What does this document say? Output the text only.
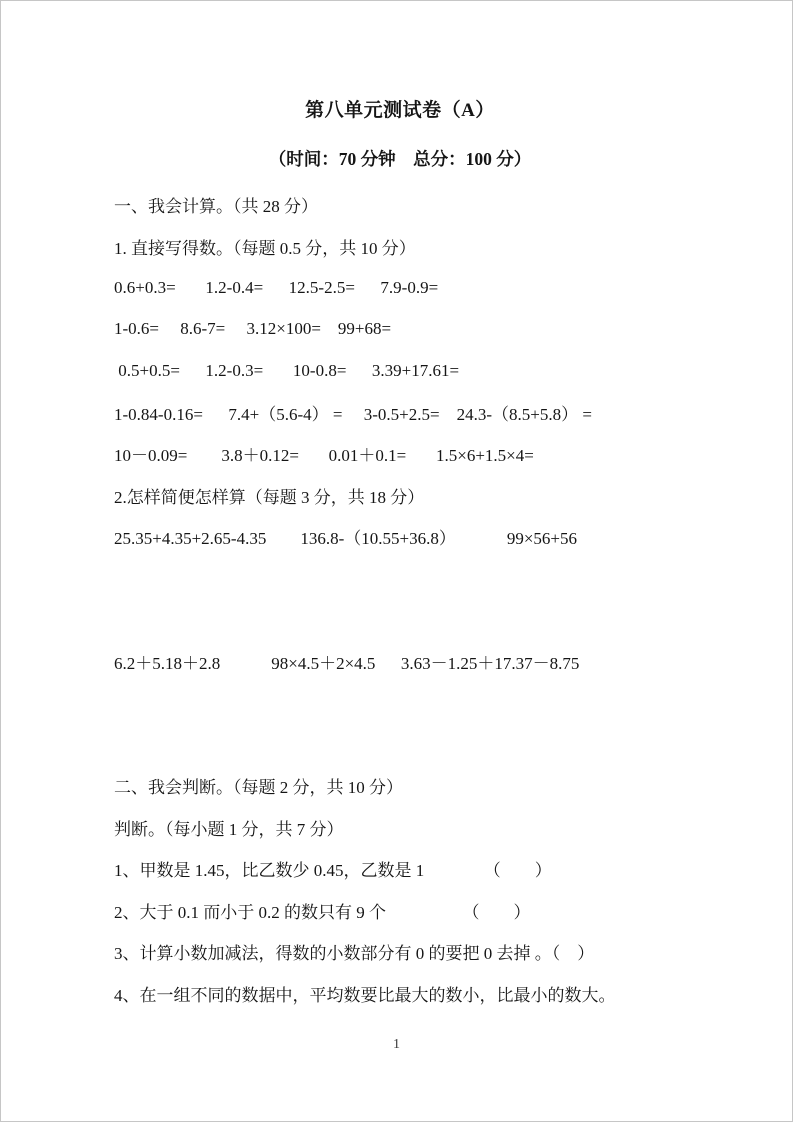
第八单元测试卷（A）
（时间：70 分钟　总分：100 分）
一、我会计算。（共 28 分）
1. 直接写得数。（每题 0.5 分，共 10 分）
0.6+0.3=       1.2-0.4=      12.5-2.5=      7.9-0.9=
1-0.6=     8.6-7=     3.12×100=    99+68=
0.5+0.5=      1.2-0.3=       10-0.8=      3.39+17.61=
1-0.84-0.16=      7.4+（5.6-4） =     3-0.5+2.5=    24.3-（8.5+5.8） =
10－0.09=        3.8＋0.12=       0.01＋0.1=       1.5×6+1.5×4=
2.怎样简便怎样算（每题 3 分，共 18 分）
25.35+4.35+2.65-4.35        136.8-（10.55+36.8）            99×56+56
6.2＋5.18＋2.8            98×4.5＋2×4.5      3.63－1.25＋17.37－8.75
二、我会判断。（每题 2 分，共 10 分）
判断。（每小题 1 分，共 7 分）
1、甲数是 1.45，比乙数少 0.45，乙数是 1　　　　（　　）
2、大于 0.1 而小于 0.2 的数只有 9 个　　　　　（　　）
3、计算小数加减法，得数的小数部分有 0 的要把 0 去掉 。（　）
4、在一组不同的数据中，平均数要比最大的数小，比最小的数大。
1
